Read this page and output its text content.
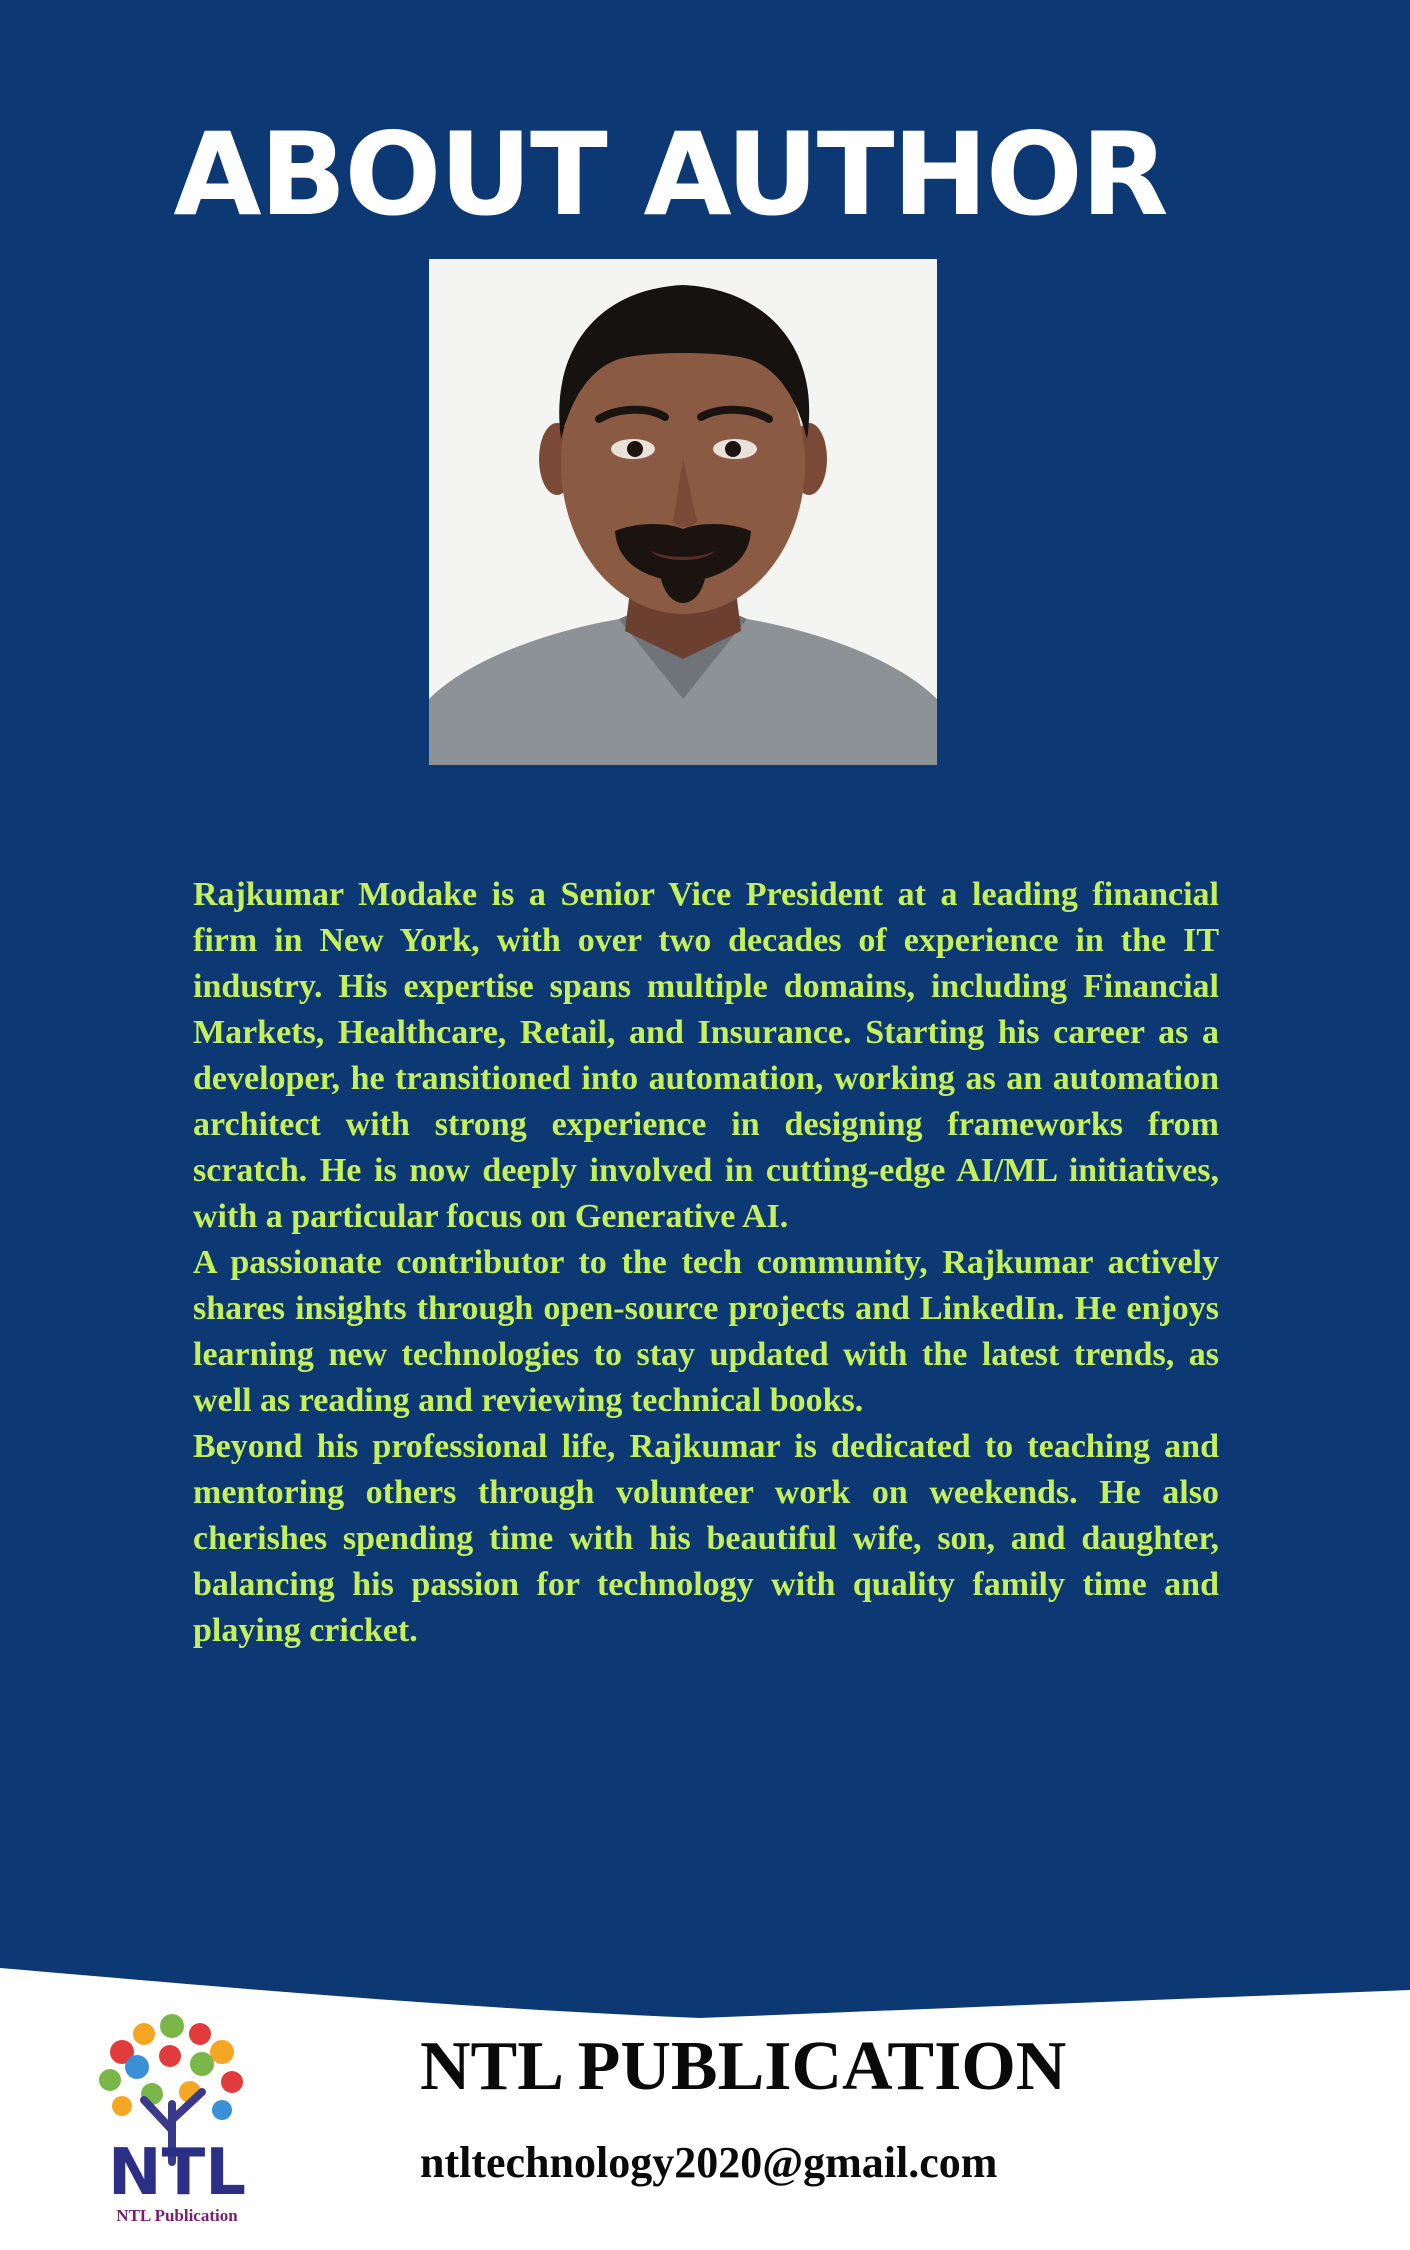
ABOUT AUTHOR

Rajkumar Modake is a Senior Vice President at a leading financial firm in New York, with over two decades of experience in the IT industry. His expertise spans multiple domains, including Financial Markets, Healthcare, Retail, and Insurance. Starting his career as a developer, he transitioned into automation, working as an automation architect with strong experience in designing frameworks from scratch. He is now deeply involved in cutting-edge AI/ML initiatives, with a particular focus on Generative AI.

A passionate contributor to the tech community, Rajkumar actively shares insights through open-source projects and LinkedIn. He enjoys learning new technologies to stay updated with the latest trends, as well as reading and reviewing technical books.

Beyond his professional life, Rajkumar is dedicated to teaching and mentoring others through volunteer work on weekends. He also cherishes spending time with his beautiful wife, son, and daughter, balancing his passion for technology with quality family time and playing cricket.

NTL
NTL Publication
NTL PUBLICATION
ntltechnology2020@gmail.com
